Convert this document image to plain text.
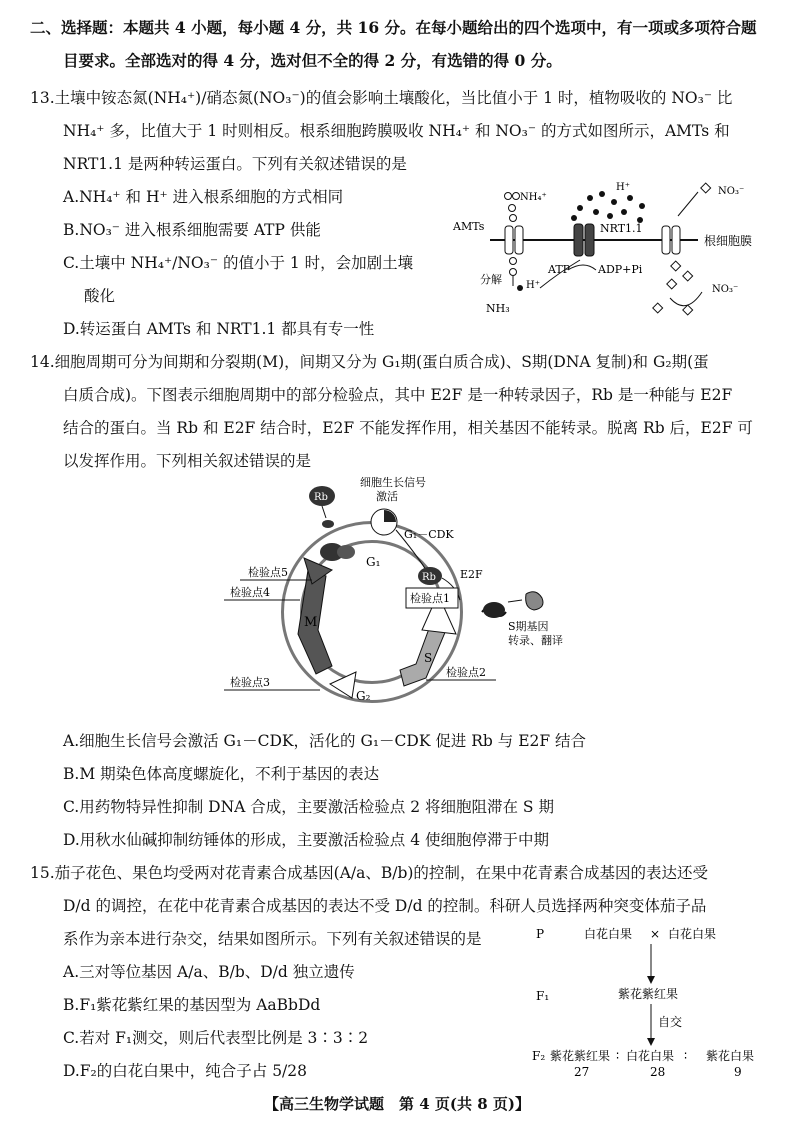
二、选择题：本题共 4 小题，每小题 4 分，共 16 分。在每小题给出的四个选项中，有一项或多项符合题
目要求。全部选对的得 4 分，选对但不全的得 2 分，有选错的得 0 分。
13.土壤中铵态氮(NH₄⁺)/硝态氮(NO₃⁻)的值会影响土壤酸化，当比值小于 1 时，植物吸收的 NO₃⁻ 比
NH₄⁺ 多，比值大于 1 时则相反。根系细胞跨膜吸收 NH₄⁺ 和 NO₃⁻ 的方式如图所示，AMTs 和
NRT1.1 是两种转运蛋白。下列有关叙述错误的是
A.NH₄⁺ 和 H⁺ 进入根系细胞的方式相同
B.NO₃⁻ 进入根系细胞需要 ATP 供能
C.土壤中 NH₄⁺/NO₃⁻ 的值小于 1 时，会加剧土壤
酸化
D.转运蛋白 AMTs 和 NRT1.1 都具有专一性
根细胞膜
AMTs
NH₄⁺
分解
NH₃
H⁺
ATP	ADP+Pi
H⁺
NRT1.1
NO₃⁻
NO₃⁻
14.细胞周期可分为间期和分裂期(M)，间期又分为 G₁期(蛋白质合成)、S期(DNA 复制)和 G₂期(蛋
白质合成)。下图表示细胞周期中的部分检验点，其中 E2F 是一种转录因子，Rb 是一种能与 E2F
结合的蛋白。当 Rb 和 E2F 结合时，E2F 不能发挥作用，相关基因不能转录。脱离 Rb 后，E2F 可
以发挥作用。下列相关叙述错误的是
M
S
G₂
G₁
Rb
细胞生长信号
激活
G₁－CDK
Rb E2F
检验点1
S期基因
转录、翻译
检验点5
检验点4
检验点3
检验点2
A.细胞生长信号会激活 G₁－CDK，活化的 G₁－CDK 促进 Rb 与 E2F 结合
B.M 期染色体高度螺旋化，不利于基因的表达
C.用药物特异性抑制 DNA 合成，主要激活检验点 2 将细胞阻滞在 S 期
D.用秋水仙碱抑制纺锤体的形成，主要激活检验点 4 使细胞停滞于中期
15.茄子花色、果色均受两对花青素合成基因(A/a、B/b)的控制，在果中花青素合成基因的表达还受
D/d 的调控，在花中花青素合成基因的表达不受 D/d 的控制。科研人员选择两种突变体茄子品
系作为亲本进行杂交，结果如图所示。下列有关叙述错误的是
A.三对等位基因 A/a、B/b、D/d 独立遗传
B.F₁紫花紫红果的基因型为 AaBbDd
C.若对 F₁测交，则后代表型比例是 3∶3∶2
D.F₂的白花白果中，纯合子占 5/28
P	白花白果 × 白花白果
F₁	紫花紫红果
自交
F₂ 紫花紫红果 ∶ 白花白果 ∶ 紫花白果
27	28	9
【高三生物学试题　第 4 页(共 8 页)】
